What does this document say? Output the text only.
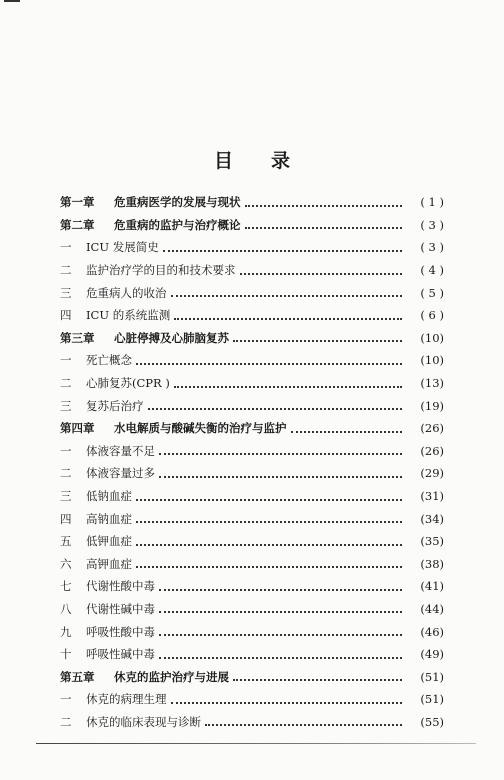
目 录
第一章	危重病医学的发展与现状	( 1 )
第二章	危重病的监护与治疗概论	( 3 )
一	ICU 发展简史	( 3 )
二	监护治疗学的目的和技术要求	( 4 )
三	危重病人的收治	( 5 )
四	ICU 的系统监测	( 6 )
第三章	心脏停搏及心肺脑复苏	(10)
一	死亡概念	(10)
二	心肺复苏(CPR )	(13)
三	复苏后治疗	(19)
第四章	水电解质与酸碱失衡的治疗与监护	(26)
一	体液容量不足	(26)
二	体液容量过多	(29)
三	低钠血症	(31)
四	高钠血症	(34)
五	低钾血症	(35)
六	高钾血症	(38)
七	代谢性酸中毒	(41)
八	代谢性碱中毒	(44)
九	呼吸性酸中毒	(46)
十	呼吸性碱中毒	(49)
第五章	休克的监护治疗与进展	(51)
一	休克的病理生理	(51)
二	休克的临床表现与诊断	(55)
